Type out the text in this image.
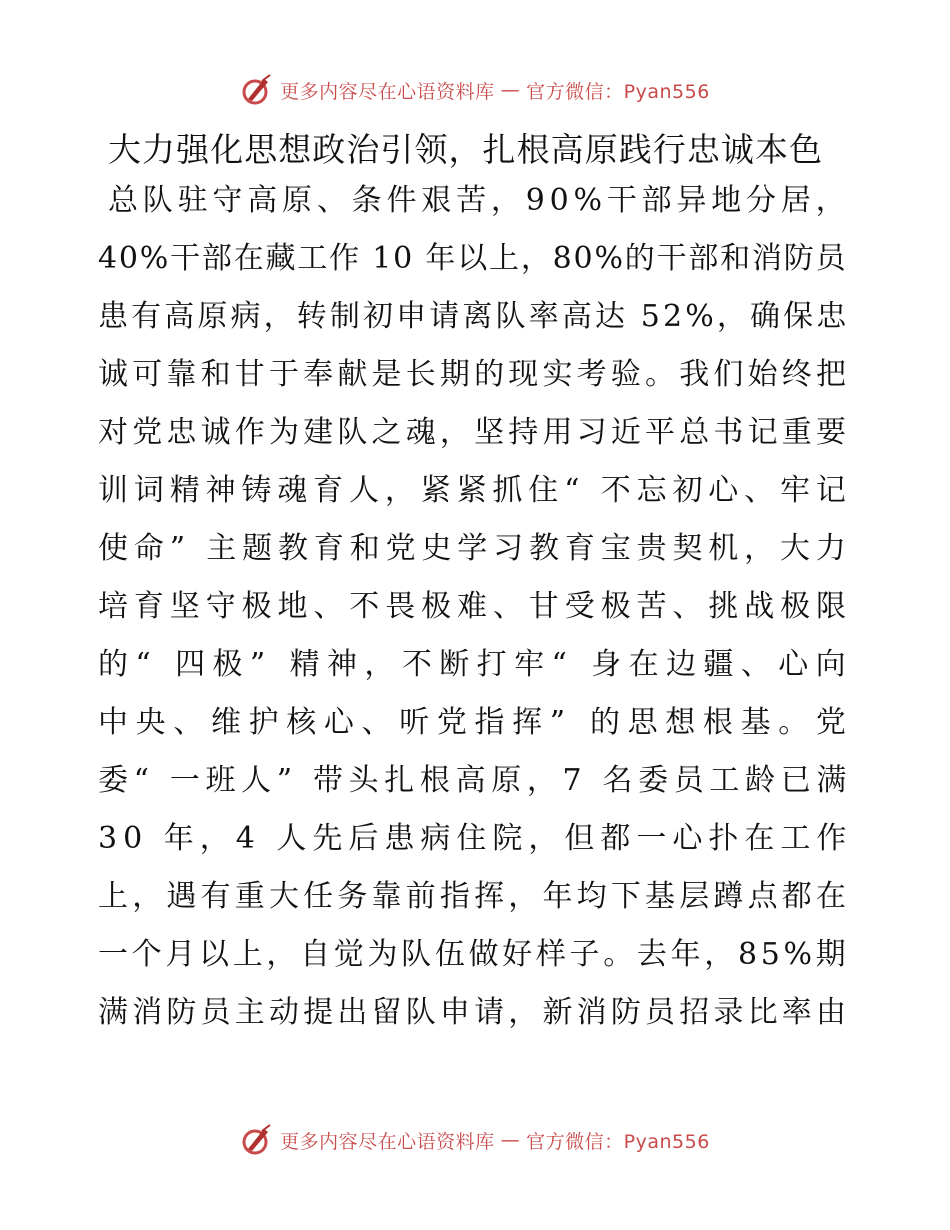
更多内容尽在心语资料库 — 官方微信：Pyan556
大力强化思想政治引领，扎根高原践行忠诚本色
总队驻守高原、条件艰苦，90%干部异地分居，
40%干部在藏工作 10 年以上，80%的干部和消防员
患有高原病，转制初申请离队率高达 52%，确保忠
诚可靠和甘于奉献是长期的现实考验。我们始终把
对党忠诚作为建队之魂，坚持用习近平总书记重要
训词精神铸魂育人，紧紧抓住“ 不忘初心、牢记
使命” 主题教育和党史学习教育宝贵契机，大力
培育坚守极地、不畏极难、甘受极苦、挑战极限
的“ 四极” 精神，不断打牢“ 身在边疆、心向
中央、维护核心、听党指挥” 的思想根基。党
委“ 一班人” 带头扎根高原，7 名委员工龄已满
30 年，4 人先后患病住院，但都一心扑在工作
上，遇有重大任务靠前指挥，年均下基层蹲点都在
一个月以上，自觉为队伍做好样子。去年，85%期
满消防员主动提出留队申请，新消防员招录比率由
更多内容尽在心语资料库 — 官方微信：Pyan556
